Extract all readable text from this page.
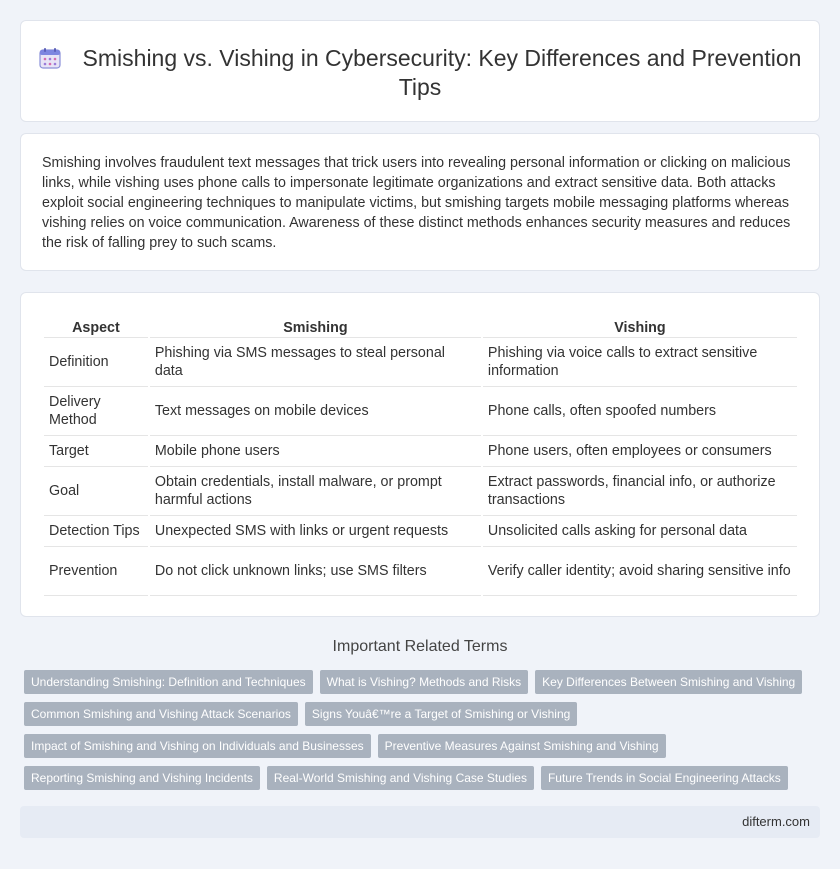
Smishing vs. Vishing in Cybersecurity: Key Differences and Prevention Tips

Smishing involves fraudulent text messages that trick users into revealing personal information or clicking on malicious links, while vishing uses phone calls to impersonate legitimate organizations and extract sensitive data. Both attacks exploit social engineering techniques to manipulate victims, but smishing targets mobile messaging platforms whereas vishing relies on voice communication. Awareness of these distinct methods enhances security measures and reduces the risk of falling prey to such scams.

Aspect	Smishing	Vishing
Definition	Phishing via SMS messages to steal personal data	Phishing via voice calls to extract sensitive information
Delivery Method	Text messages on mobile devices	Phone calls, often spoofed numbers
Target	Mobile phone users	Phone users, often employees or consumers
Goal	Obtain credentials, install malware, or prompt harmful actions	Extract passwords, financial info, or authorize transactions
Detection Tips	Unexpected SMS with links or urgent requests	Unsolicited calls asking for personal data
Prevention	Do not click unknown links; use SMS filters	Verify caller identity; avoid sharing sensitive info
Important Related Terms
Understanding Smishing: Definition and Techniques	What is Vishing? Methods and Risks	Key Differences Between Smishing and Vishing
Common Smishing and Vishing Attack Scenarios	Signs Youâ€™re a Target of Smishing or Vishing
Impact of Smishing and Vishing on Individuals and Businesses	Preventive Measures Against Smishing and Vishing
Reporting Smishing and Vishing Incidents	Real-World Smishing and Vishing Case Studies	Future Trends in Social Engineering Attacks
difterm.com
